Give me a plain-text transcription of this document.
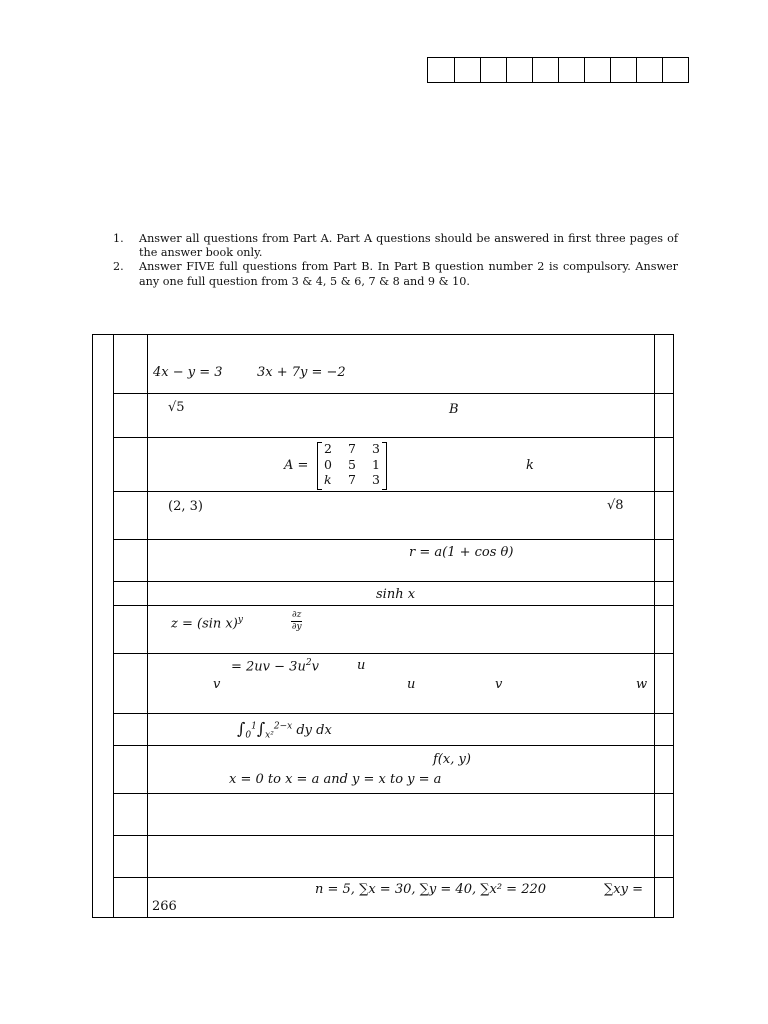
1.	Answer all questions from Part A. Part A questions should be answered in first three pages of the answer book only.
2.	Answer FIVE full questions from Part B. In Part B question number 2 is compulsory. Answer any one full question from 3 & 4, 5 & 6, 7 & 8 and 9 & 10.
4x − y = 3	3x + 7y = −2
√5	B
A =
2 7 3
0 5 1
k 7 3
k
(2, 3)	√8
r = a(1 + cos θ)
sinh x
z = (sin x)$^y$	$\frac{\partial z}{\partial y}$
= $2uv - 3u^2v$	u
v	u	v	w
$\int_0^1\int_{x^2}^{2-x}$ dy dx
f(x, y)
x = 0 to x = a and y = x to y = a
n = 5, ∑x = 30, ∑y = 40, ∑x² = 220	∑xy =
266
